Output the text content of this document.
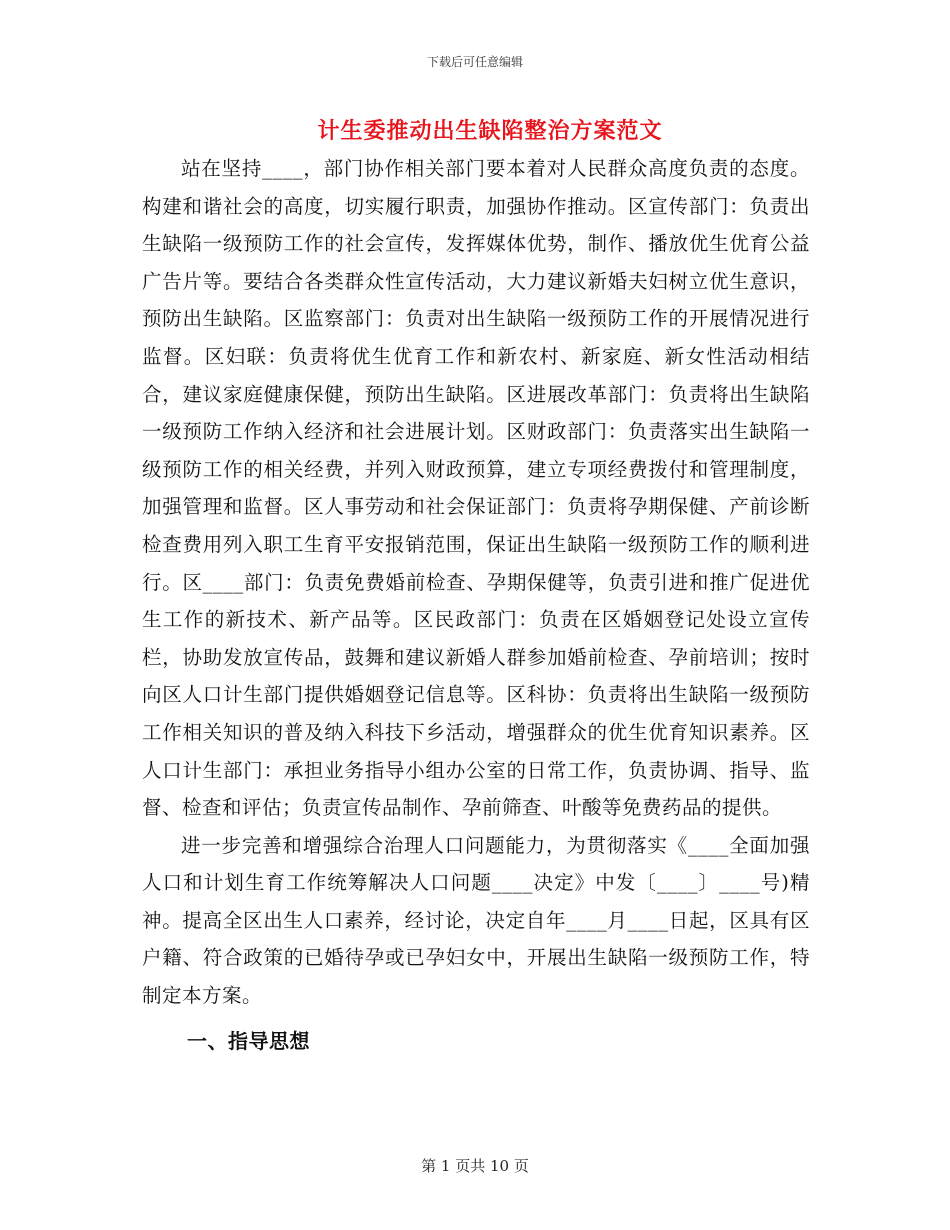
下载后可任意编辑
计生委推动出生缺陷整治方案范文

站在坚持____，部门协作相关部门要本着对人民群众高度负责的态度。构建和谐社会的高度，切实履行职责，加强协作推动。区宣传部门：负责出生缺陷一级预防工作的社会宣传，发挥媒体优势，制作、播放优生优育公益广告片等。要结合各类群众性宣传活动，大力建议新婚夫妇树立优生意识，预防出生缺陷。区监察部门：负责对出生缺陷一级预防工作的开展情况进行监督。区妇联：负责将优生优育工作和新农村、新家庭、新女性活动相结合，建议家庭健康保健，预防出生缺陷。区进展改革部门：负责将出生缺陷一级预防工作纳入经济和社会进展计划。区财政部门：负责落实出生缺陷一级预防工作的相关经费，并列入财政预算，建立专项经费拨付和管理制度，加强管理和监督。区人事劳动和社会保证部门：负责将孕期保健、产前诊断检查费用列入职工生育平安报销范围，保证出生缺陷一级预防工作的顺利进行。区____部门：负责免费婚前检查、孕期保健等，负责引进和推广促进优生工作的新技术、新产品等。区民政部门：负责在区婚姻登记处设立宣传栏，协助发放宣传品，鼓舞和建议新婚人群参加婚前检查、孕前培训；按时向区人口计生部门提供婚姻登记信息等。区科协：负责将出生缺陷一级预防工作相关知识的普及纳入科技下乡活动，增强群众的优生优育知识素养。区人口计生部门：承担业务指导小组办公室的日常工作，负责协调、指导、监督、检查和评估；负责宣传品制作、孕前筛查、叶酸等免费药品的提供。

进一步完善和增强综合治理人口问题能力，为贯彻落实《____全面加强人口和计划生育工作统筹解决人口问题____决定》中发〔____〕____号)精神。提高全区出生人口素养，经讨论，决定自年____月____日起，区具有区户籍、符合政策的已婚待孕或已孕妇女中，开展出生缺陷一级预防工作，特制定本方案。

一、指导思想

第 1 页共 10 页
